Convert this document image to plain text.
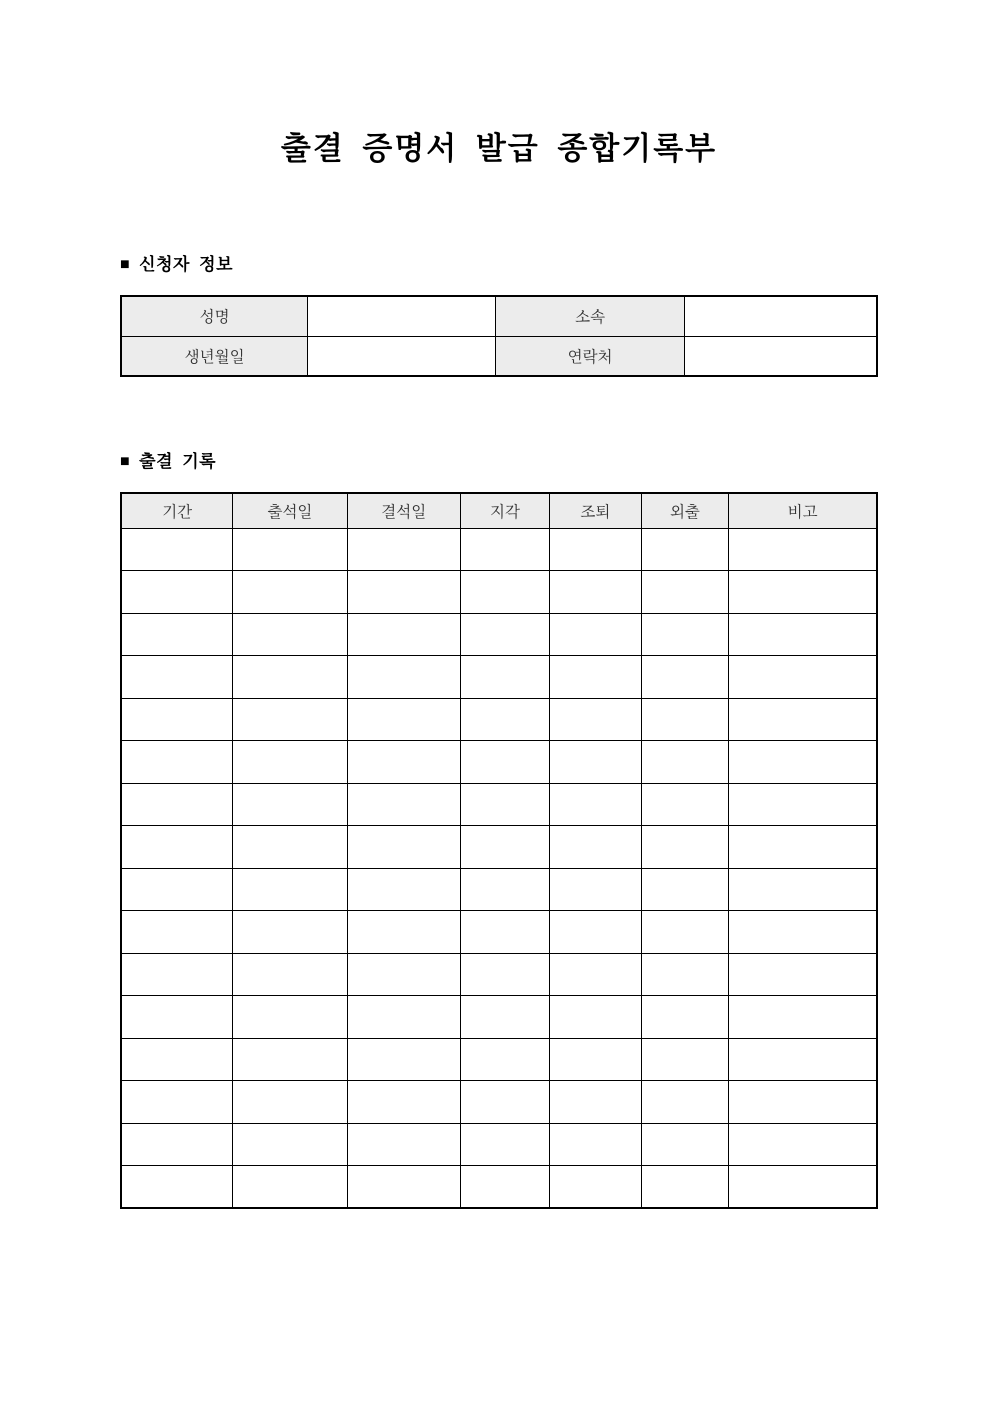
출결 증명서 발급 종합기록부
■ 신청자 정보
성명		소속	
생년월일		연락처	
■ 출결 기록
기간	출석일	결석일	지각	조퇴	외출	비고
